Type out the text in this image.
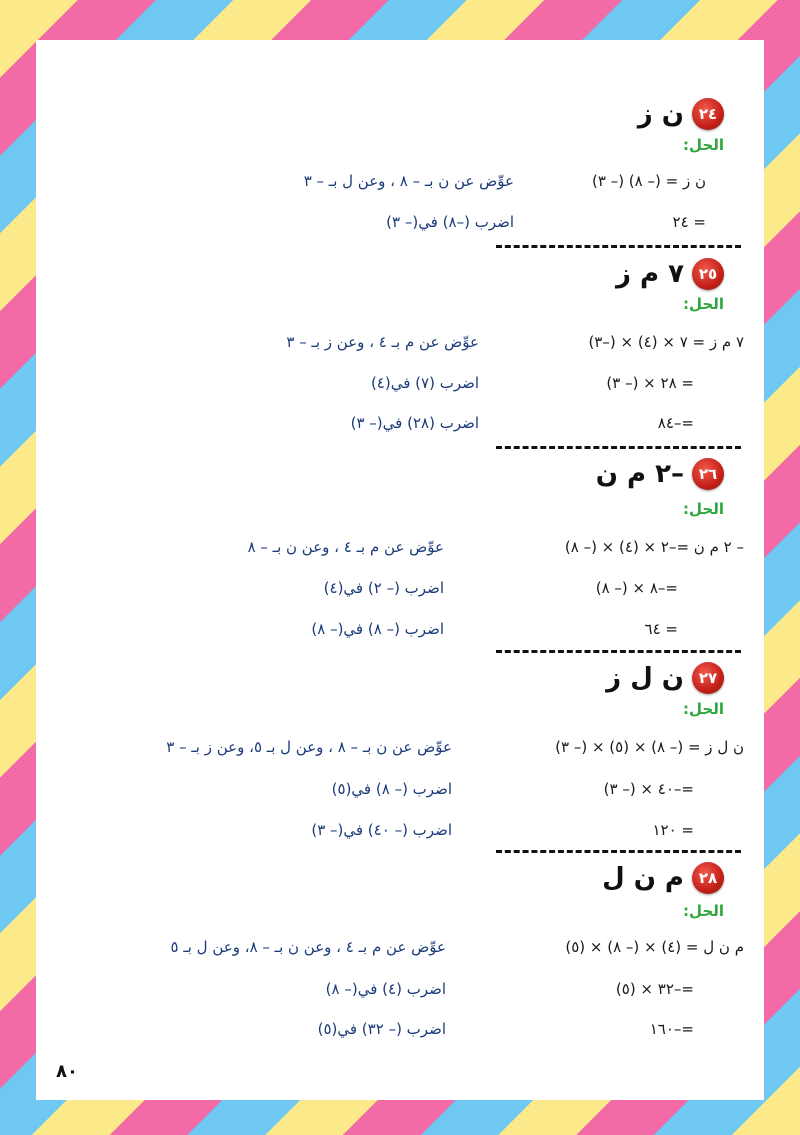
٢٤
ن ز
الحل:
ن ز = (– ٨) (– ٣)
عوِّض عن ن بـ – ٨ ، وعن ل بـ – ٣
= ٢٤
اضرب (–٨) في(– ٣)
٢٥
٧ م ز
الحل:
٧ م ز = ٧ × (٤) × (–٣)
عوِّض عن م بـ ٤ ، وعن ز بـ – ٣
= ٢٨ × (– ٣)
اضرب (٧) في(٤)
=–٨٤
اضرب (٢٨) في(– ٣)
٢٦
–٢ م ن
الحل:
– ٢ م ن =–٢ × (٤) × (– ٨)
عوِّض عن م بـ ٤ ، وعن ن بـ – ٨
=–٨ × (– ٨)
اضرب (– ٢) في(٤)
= ٦٤
اضرب (– ٨) في(– ٨)
٢٧
ن ل ز
الحل:
ن ل ز = (– ٨) × (٥) × (– ٣)
عوِّض عن ن بـ – ٨ ، وعن ل بـ ٥، وعن ز بـ – ٣
=–٤٠ × (– ٣)
اضرب (– ٨) في(٥)
= ١٢٠
اضرب (– ٤٠) في(– ٣)
٢٨
م ن ل
الحل:
م ن ل = (٤) × (– ٨) × (٥)
عوِّض عن م بـ ٤ ، وعن ن بـ – ٨، وعن ل بـ ٥
=–٣٢ × (٥)
اضرب (٤) في(– ٨)
=–١٦٠
اضرب (– ٣٢) في(٥)
٨٠
